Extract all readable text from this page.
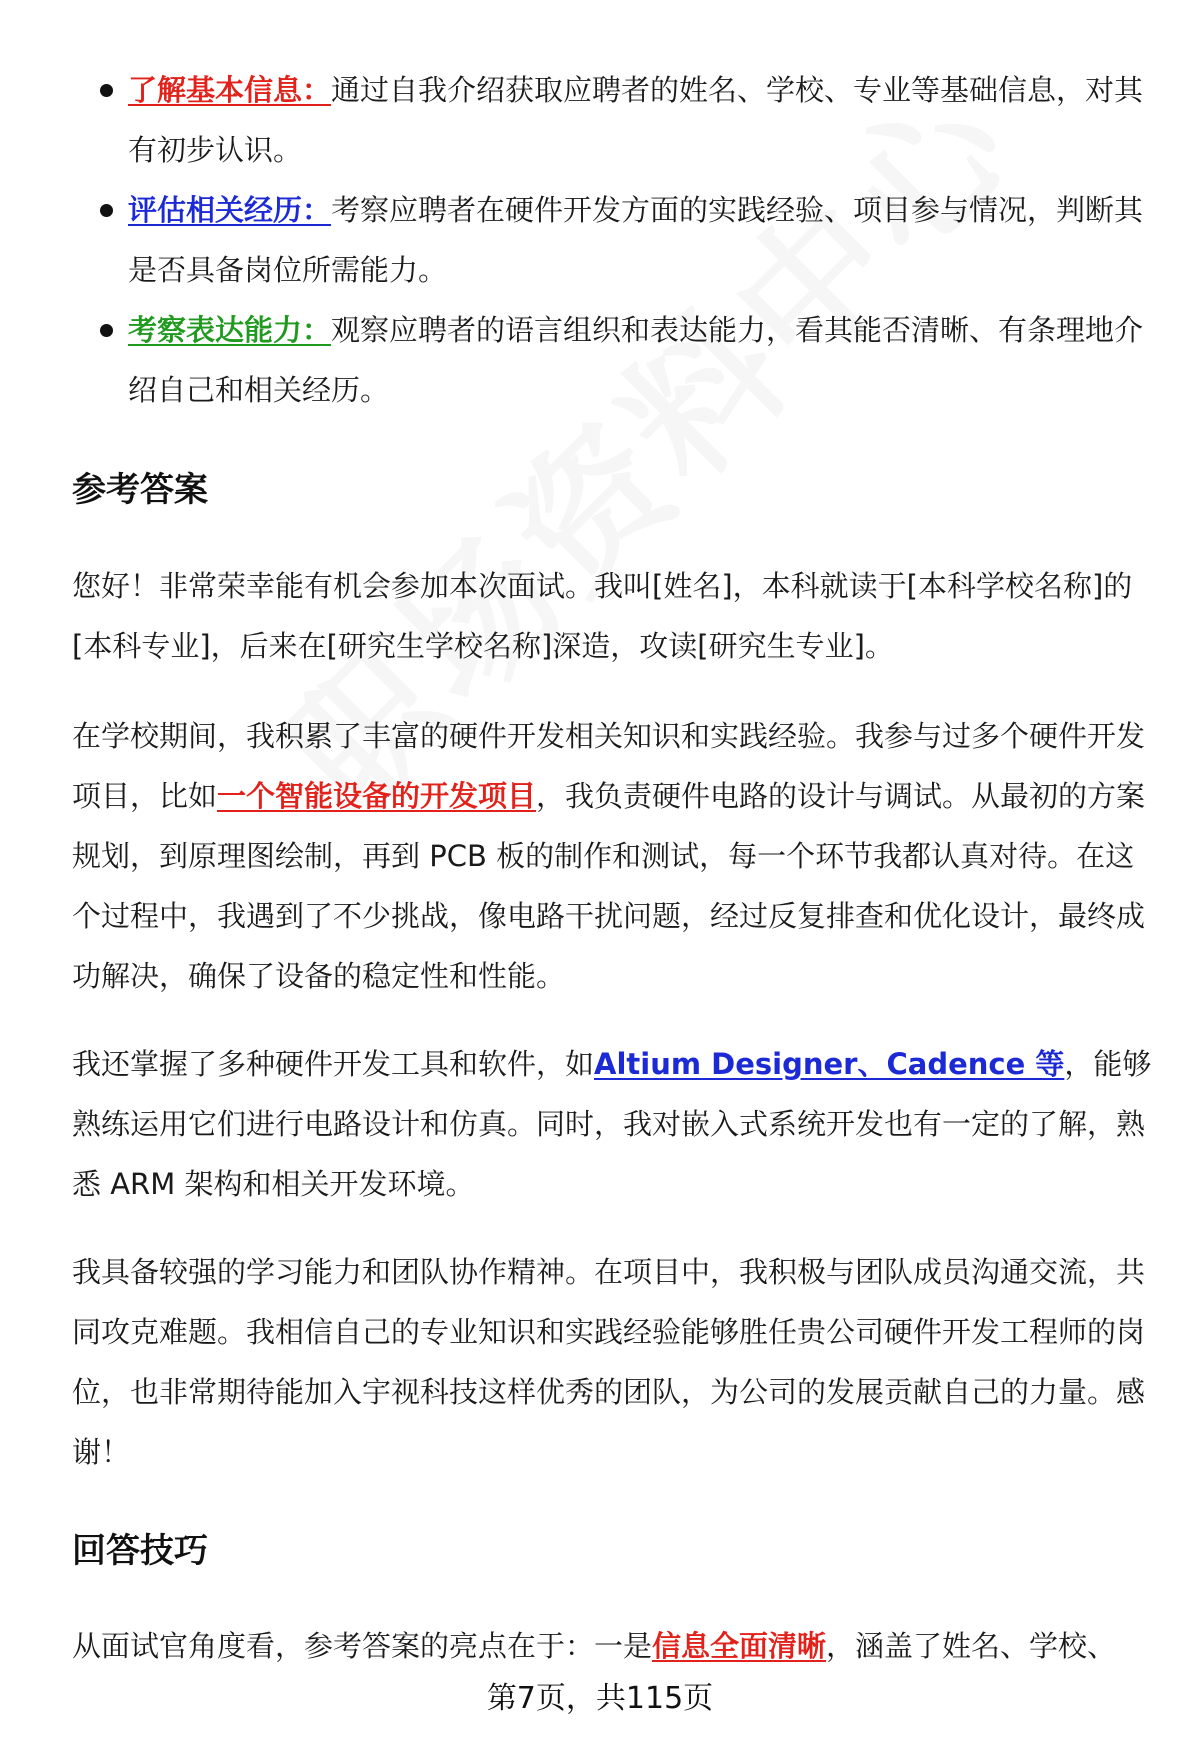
了解基本信息：通过自我介绍获取应聘者的姓名、学校、专业等基础信息，对其有初步认识。
评估相关经历：考察应聘者在硬件开发方面的实践经验、项目参与情况，判断其是否具备岗位所需能力。
考察表达能力：观察应聘者的语言组织和表达能力，看其能否清晰、有条理地介绍自己和相关经历。
参考答案

您好！非常荣幸能有机会参加本次面试。我叫[姓名]，本科就读于[本科学校名称]的[本科专业]，后来在[研究生学校名称]深造，攻读[研究生专业]。

在学校期间，我积累了丰富的硬件开发相关知识和实践经验。我参与过多个硬件开发项目，比如一个智能设备的开发项目，我负责硬件电路的设计与调试。从最初的方案规划，到原理图绘制，再到 PCB 板的制作和测试，每一个环节我都认真对待。在这个过程中，我遇到了不少挑战，像电路干扰问题，经过反复排查和优化设计，最终成功解决，确保了设备的稳定性和性能。

我还掌握了多种硬件开发工具和软件，如Altium Designer、Cadence 等，能够熟练运用它们进行电路设计和仿真。同时，我对嵌入式系统开发也有一定的了解，熟悉 ARM 架构和相关开发环境。

我具备较强的学习能力和团队协作精神。在项目中，我积极与团队成员沟通交流，共同攻克难题。我相信自己的专业知识和实践经验能够胜任贵公司硬件开发工程师的岗位，也非常期待能加入宇视科技这样优秀的团队，为公司的发展贡献自己的力量。感谢！

回答技巧

从面试官角度看，参考答案的亮点在于：一是信息全面清晰，涵盖了姓名、学校、

第7页，共115页
